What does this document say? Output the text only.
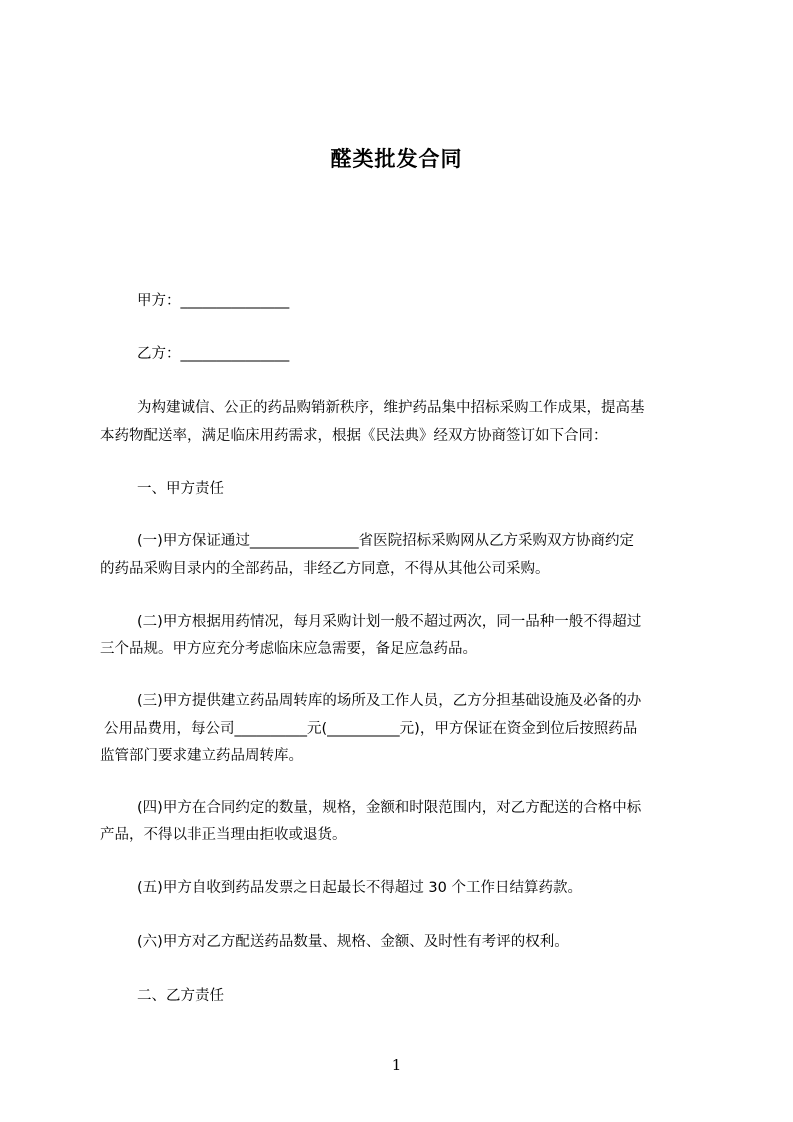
醛类批发合同
甲方：_______________
乙方：_______________
为构建诚信、公正的药品购销新秩序，维护药品集中招标采购工作成果，提高基
本药物配送率，满足临床用药需求，根据《民法典》经双方协商签订如下合同：
一、甲方责任
(一)甲方保证通过_______________省医院招标采购网从乙方采购双方协商约定
的药品采购目录内的全部药品，非经乙方同意，不得从其他公司采购。
(二)甲方根据用药情况，每月采购计划一般不超过两次，同一品种一般不得超过
三个品规。甲方应充分考虑临床应急需要，备足应急药品。
(三)甲方提供建立药品周转库的场所及工作人员，乙方分担基础设施及必备的办
公用品费用，每公司__________元(__________元)，甲方保证在资金到位后按照药品
监管部门要求建立药品周转库。
(四)甲方在合同约定的数量，规格，金额和时限范围内，对乙方配送的合格中标
产品，不得以非正当理由拒收或退货。
(五)甲方自收到药品发票之日起最长不得超过 30 个工作日结算药款。
(六)甲方对乙方配送药品数量、规格、金额、及时性有考评的权利。
二、乙方责任
1
